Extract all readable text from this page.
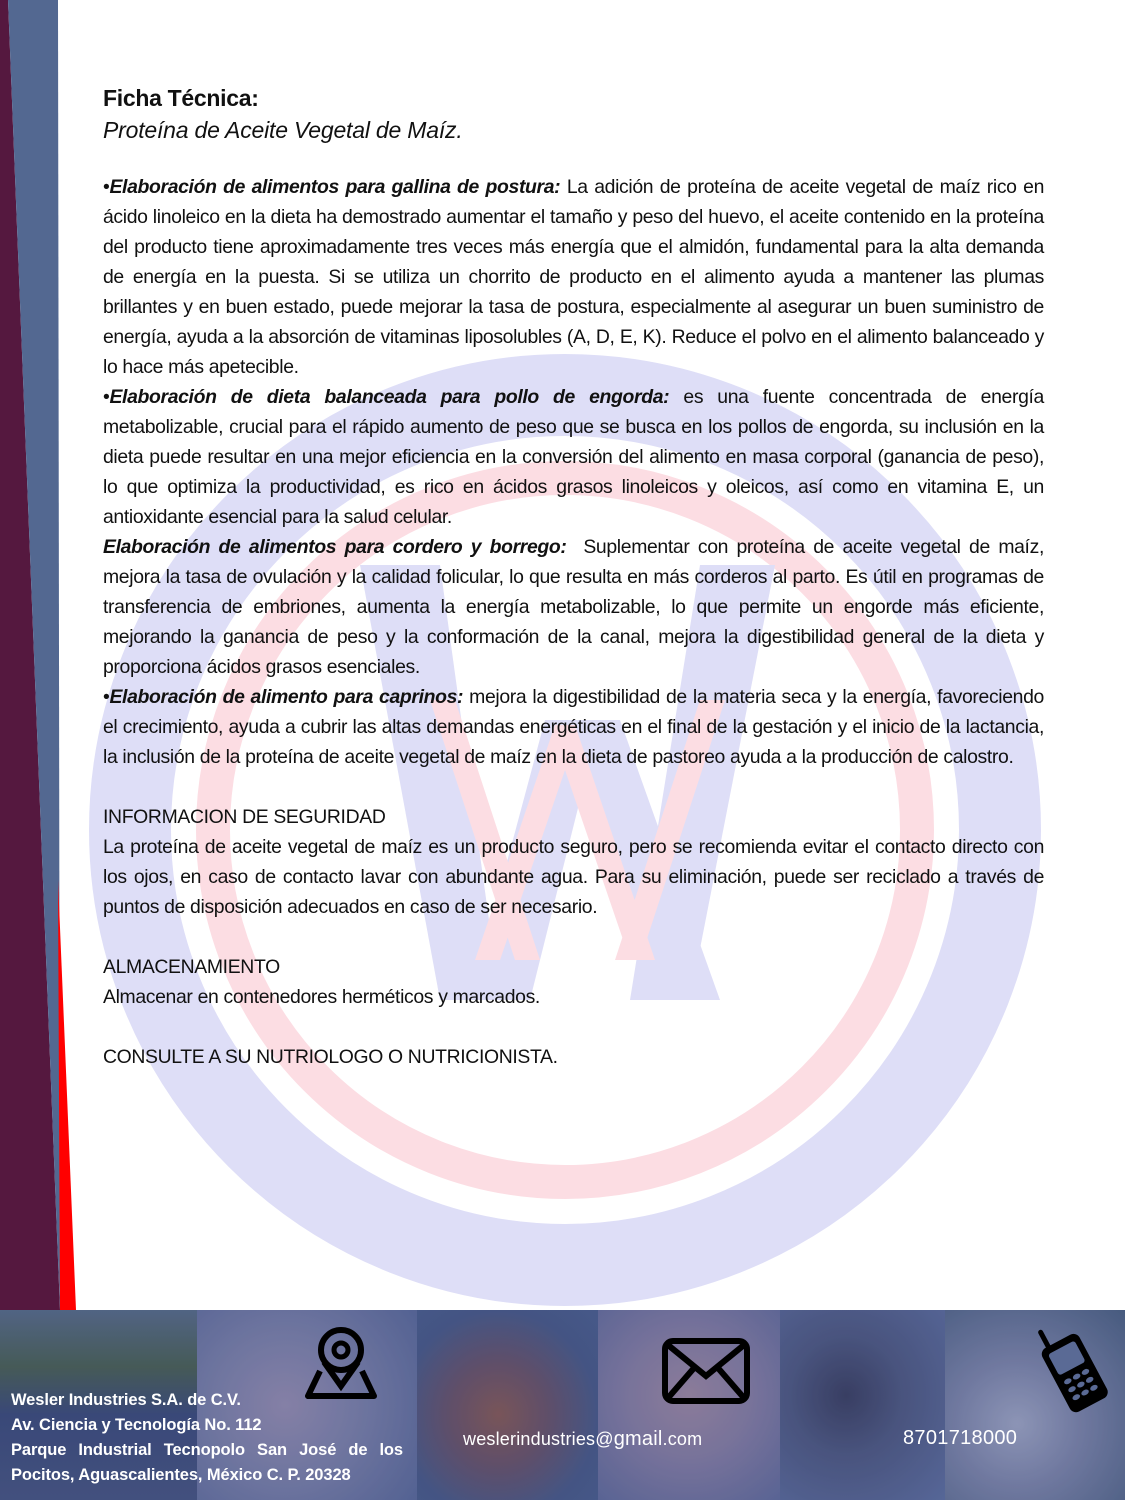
Ficha Técnica:

Proteína de Aceite Vegetal de Maíz.

•Elaboración de alimentos para gallina de postura: La adición de proteína de aceite vegetal de maíz rico en ácido linoleico en la dieta ha demostrado aumentar el tamaño y peso del huevo, el aceite contenido en la proteína del producto tiene aproximadamente tres veces más energía que el almidón, fundamental para la alta demanda de energía en la puesta. Si se utiliza un chorrito de producto en el alimento ayuda a mantener las plumas brillantes y en buen estado, puede mejorar la tasa de postura, especialmente al asegurar un buen suministro de energía, ayuda a la absorción de vitaminas liposolubles (A, D, E, K). Reduce el polvo en el alimento balanceado y lo hace más apetecible.

•Elaboración de dieta balanceada para pollo de engorda: es una fuente concentrada de energía metabolizable, crucial para el rápido aumento de peso que se busca en los pollos de engorda, su inclusión en la dieta puede resultar en una mejor eficiencia en la conversión del alimento en masa corporal (ganancia de peso), lo que optimiza la productividad, es rico en ácidos grasos linoleicos y oleicos, así como en vitamina E, un antioxidante esencial para la salud celular.

Elaboración de alimentos para cordero y borrego:  Suplementar con proteína de aceite vegetal de maíz, mejora la tasa de ovulación y la calidad folicular, lo que resulta en más corderos al parto. Es útil en programas de transferencia de embriones, aumenta la energía metabolizable, lo que permite un engorde más eficiente, mejorando la ganancia de peso y la conformación de la canal, mejora la digestibilidad general de la dieta y proporciona ácidos grasos esenciales.

•Elaboración de alimento para caprinos: mejora la digestibilidad de la materia seca y la energía, favoreciendo el crecimiento, ayuda a cubrir las altas demandas energéticas en el final de la gestación y el inicio de la lactancia, la inclusión de la proteína de aceite vegetal de maíz en la dieta de pastoreo ayuda a la producción de calostro.

INFORMACION DE SEGURIDAD

La proteína de aceite vegetal de maíz es un producto seguro, pero se recomienda evitar el contacto directo con los ojos, en caso de contacto lavar con abundante agua. Para su eliminación, puede ser reciclado a través de puntos de disposición adecuados en caso de ser necesario.

ALMACENAMIENTO

Almacenar en contenedores herméticos y marcados.

CONSULTE A SU NUTRIOLOGO O NUTRICIONISTA.

Wesler Industries S.A. de C.V.
Av. Ciencia y Tecnología No. 112
Parque Industrial Tecnopolo San José de los
Pocitos, Aguascalientes, México C. P. 20328
weslerindustries@gmail.com	8701718000
